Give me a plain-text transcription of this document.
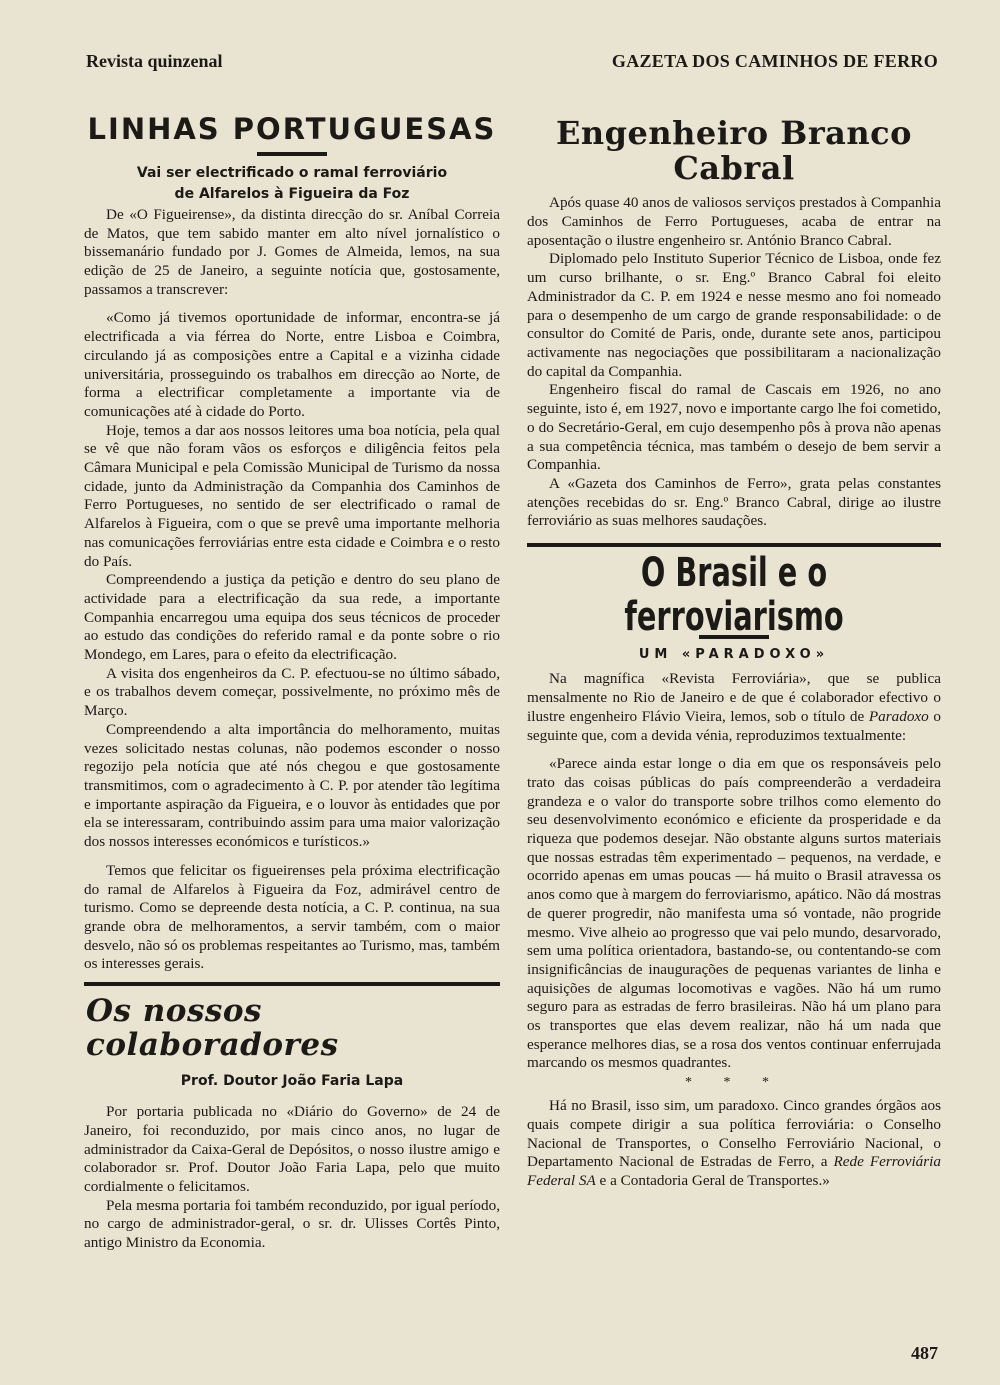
Revista quinzenal	GAZETA DOS CAMINHOS DE FERRO
LINHAS PORTUGUESAS

Vai ser electrificado o ramal ferroviário

de Alfarelos à Figueira da Foz

De «O Figueirense», da distinta direcção do sr. Aníbal Correia de Matos, que tem sabido manter em alto nível jornalístico o bissemanário fundado por J. Gomes de Almeida, lemos, na sua edição de 25 de Janeiro, a seguinte notícia que, gostosamente, passamos a transcrever:

«Como já tivemos oportunidade de informar, encontra-se já electrificada a via férrea do Norte, entre Lisboa e Coimbra, circulando já as composições entre a Capital e a vizinha cidade universitária, prosseguindo os trabalhos em direcção ao Norte, de forma a electrificar completamente a importante via de comunicações até à cidade do Porto.

Hoje, temos a dar aos nossos leitores uma boa notícia, pela qual se vê que não foram vãos os esforços e diligência feitos pela Câmara Municipal e pela Comissão Municipal de Turismo da nossa cidade, junto da Administração da Companhia dos Caminhos de Ferro Portugueses, no sentido de ser electrificado o ramal de Alfarelos à Figueira, com o que se prevê uma importante melhoria nas comunicações ferroviárias entre esta cidade e Coimbra e o resto do País.

Compreendendo a justiça da petição e dentro do seu plano de actividade para a electrificação da sua rede, a importante Companhia encarregou uma equipa dos seus técnicos de proceder ao estudo das condições do referido ramal e da ponte sobre o rio Mondego, em Lares, para o efeito da electrificação.

A visita dos engenheiros da C. P. efectuou-se no último sábado, e os trabalhos devem começar, possivelmente, no próximo mês de Março.

Compreendendo a alta importância do melhoramento, muitas vezes solicitado nestas colunas, não podemos esconder o nosso regozijo pela notícia que até nós chegou e que gostosamente transmitimos, com o agradecimento à C. P. por atender tão legítima e importante aspiração da Figueira, e o louvor às entidades que por ela se interessaram, contribuindo assim para uma maior valorização dos nossos interesses económicos e turísticos.»

Temos que felicitar os figueirenses pela próxima electrificação do ramal de Alfarelos à Figueira da Foz, admirável centro de turismo. Como se depreende desta notícia, a C. P. continua, na sua grande obra de melhoramentos, a servir também, com o maior desvelo, não só os problemas respeitantes ao Turismo, mas, também os interesses gerais.

Os nossos colaboradores

Prof. Doutor João Faria Lapa

Por portaria publicada no «Diário do Governo» de 24 de Janeiro, foi reconduzido, por mais cinco anos, no lugar de administrador da Caixa-Geral de Depósitos, o nosso ilustre amigo e colaborador sr. Prof. Doutor João Faria Lapa, pelo que muito cordialmente o felicitamos.

Pela mesma portaria foi também reconduzido, por igual período, no cargo de administrador-geral, o sr. dr. Ulisses Cortês Pinto, antigo Ministro da Economia.

Engenheiro Branco Cabral

Após quase 40 anos de valiosos serviços prestados à Companhia dos Caminhos de Ferro Portugueses, acaba de entrar na aposentação o ilustre engenheiro sr. António Branco Cabral.

Diplomado pelo Instituto Superior Técnico de Lisboa, onde fez um curso brilhante, o sr. Eng.º Branco Cabral foi eleito Administrador da C. P. em 1924 e nesse mesmo ano foi nomeado para o desempenho de um cargo de grande responsabilidade: o de consultor do Comité de Paris, onde, durante sete anos, participou activamente nas negociações que possibilitaram a nacionalização do capital da Companhia.

Engenheiro fiscal do ramal de Cascais em 1926, no ano seguinte, isto é, em 1927, novo e importante cargo lhe foi cometido, o do Secretário-Geral, em cujo desempenho pôs à prova não apenas a sua competência técnica, mas também o desejo de bem servir a Companhia.

A «Gazeta dos Caminhos de Ferro», grata pelas constantes atenções recebidas do sr. Eng.º Branco Cabral, dirige ao ilustre ferroviário as suas melhores saudações.

O Brasil e o ferroviarismo

UM «PARADOXO»

Na magnífica «Revista Ferroviária», que se publica mensalmente no Rio de Janeiro e de que é colaborador efectivo o ilustre engenheiro Flávio Vieira, lemos, sob o título de Paradoxo o seguinte que, com a devida vénia, reproduzimos textualmente:

«Parece ainda estar longe o dia em que os responsáveis pelo trato das coisas públicas do país compreenderão a verdadeira grandeza e o valor do transporte sobre trilhos como elemento do seu desenvolvimento económico e eficiente da prosperidade e da riqueza que podemos desejar. Não obstante alguns surtos materiais que nossas estradas têm experimentado – pequenos, na verdade, e ocorrido apenas em umas poucas — há muito o Brasil atravessa os anos como que à margem do ferroviarismo, apático. Não dá mostras de querer progredir, não manifesta uma só vontade, não progride mesmo. Vive alheio ao progresso que vai pelo mundo, desarvorado, sem uma política orientadora, bastando-se, ou contentando-se com insignificâncias de inaugurações de pequenas variantes de linha e aquisições de algumas locomotivas e vagões. Não há um rumo seguro para as estradas de ferro brasileiras. Não há um plano para os transportes que elas devem realizar, não há um nada que esperance melhores dias, se a rosa dos ventos continuar enferrujada marcando os mesmos quadrantes.

* * *

Há no Brasil, isso sim, um paradoxo. Cinco grandes órgãos aos quais compete dirigir a sua política ferroviária: o Conselho Nacional de Transportes, o Conselho Ferroviário Nacional, o Departamento Nacional de Estradas de Ferro, a Rede Ferroviária Federal SA e a Contadoria Geral de Transportes.»

487
